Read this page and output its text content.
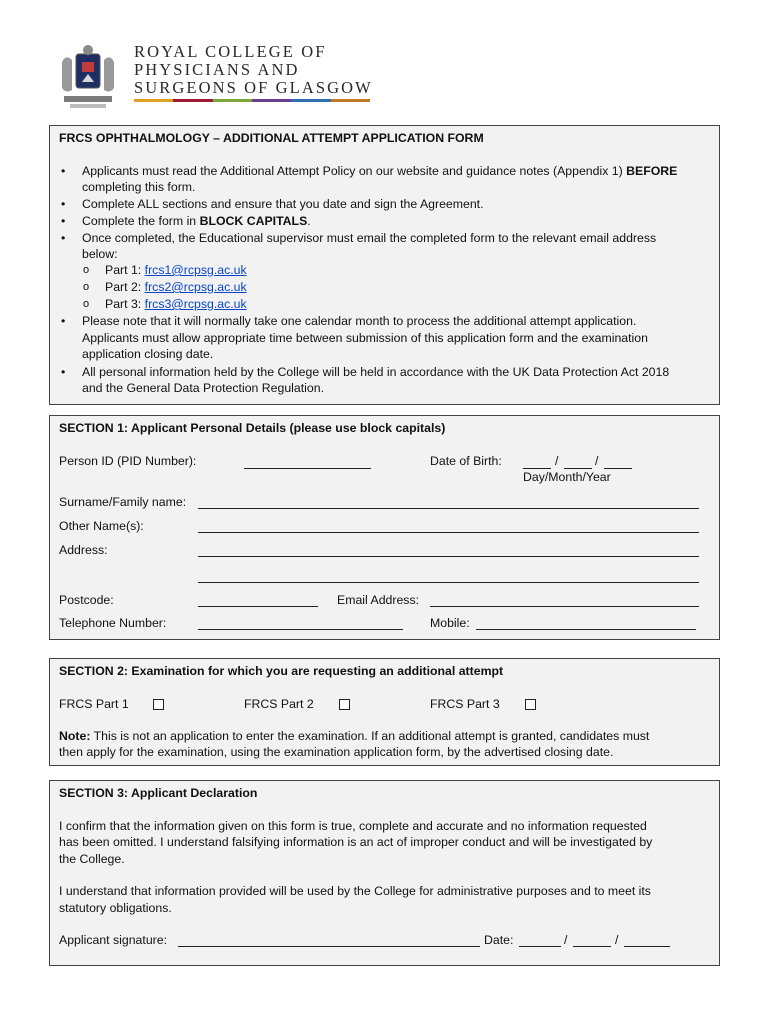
ROYAL COLLEGE OF
PHYSICIANS AND
SURGEONS OF GLASGOW
FRCS OPHTHALMOLOGY – ADDITIONAL ATTEMPT APPLICATION FORM
• Applicants must read the Additional Attempt Policy on our website and guidance notes (Appendix 1) BEFORE
completing this form.
• Complete ALL sections and ensure that you date and sign the Agreement.
• Complete the form in BLOCK CAPITALS.
• Once completed, the Educational supervisor must email the completed form to the relevant email address
below:
o Part 1: frcs1@rcpsg.ac.uk
o Part 2: frcs2@rcpsg.ac.uk
o Part 3: frcs3@rcpsg.ac.uk
• Please note that it will normally take one calendar month to process the additional attempt application.
Applicants must allow appropriate time between submission of this application form and the examination
application closing date.
• All personal information held by the College will be held in accordance with the UK Data Protection Act 2018
and the General Data Protection Regulation.
SECTION 1: Applicant Personal Details (please use block capitals)
Person ID (PID Number):	Date of Birth:	/	/
Day/Month/Year
Surname/Family name:
Other Name(s):
Address:
Postcode:	Email Address:
Telephone Number:	Mobile:
SECTION 2: Examination for which you are requesting an additional attempt
FRCS Part 1	FRCS Part 2	FRCS Part 3
Note: This is not an application to enter the examination. If an additional attempt is granted, candidates must
then apply for the examination, using the examination application form, by the advertised closing date.
SECTION 3: Applicant Declaration
I confirm that the information given on this form is true, complete and accurate and no information requested
has been omitted. I understand falsifying information is an act of improper conduct and will be investigated by
the College.
I understand that information provided will be used by the College for administrative purposes and to meet its
statutory obligations.
Applicant signature:	Date:	/	/
